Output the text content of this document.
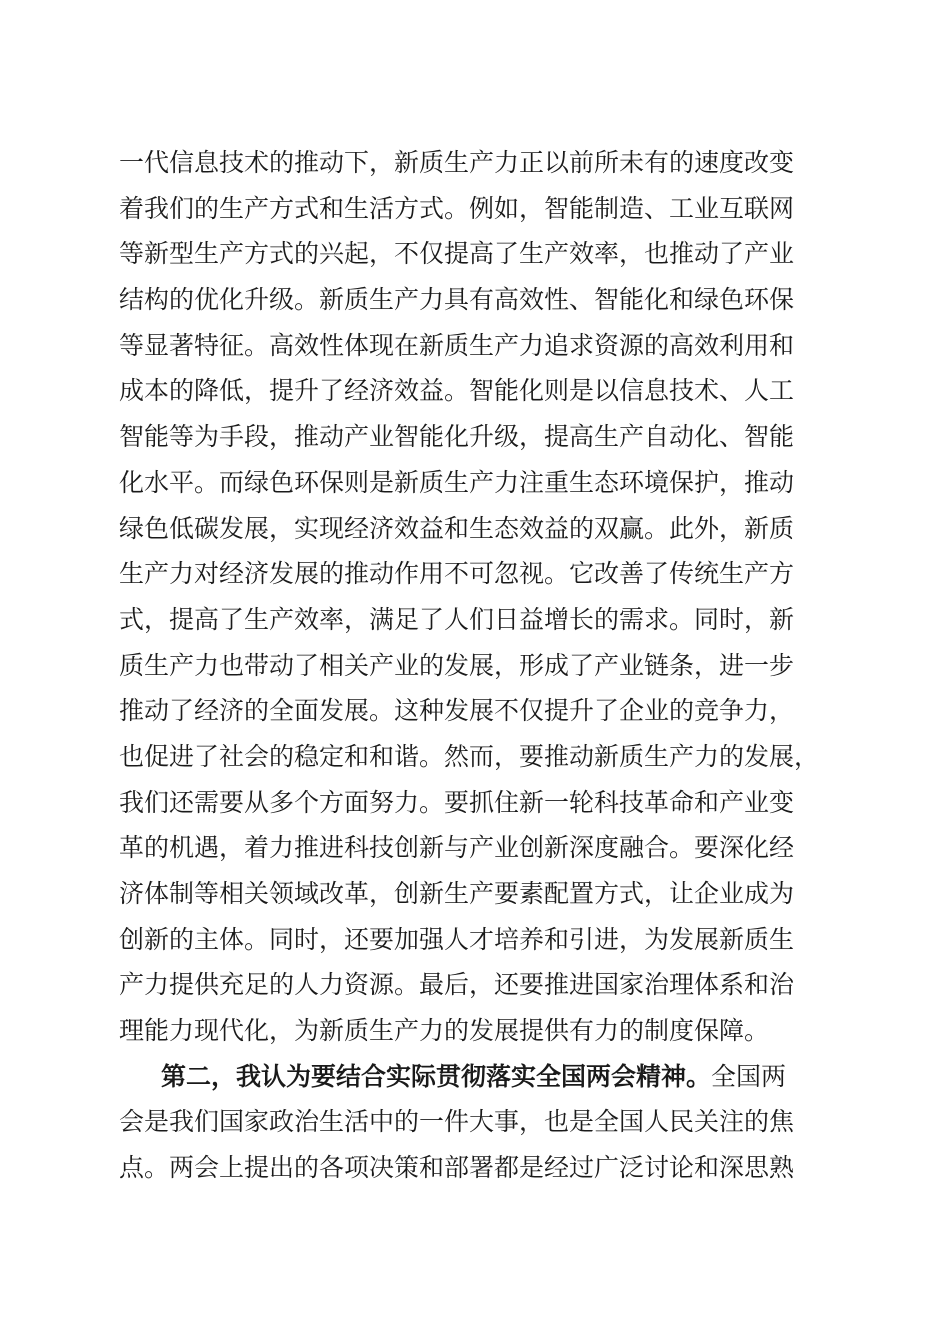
一代信息技术的推动下，新质生产力正以前所未有的速度改变
着我们的生产方式和生活方式。例如，智能制造、工业互联网
等新型生产方式的兴起，不仅提高了生产效率，也推动了产业
结构的优化升级。新质生产力具有高效性、智能化和绿色环保
等显著特征。高效性体现在新质生产力追求资源的高效利用和
成本的降低，提升了经济效益。智能化则是以信息技术、人工
智能等为手段，推动产业智能化升级，提高生产自动化、智能
化水平。而绿色环保则是新质生产力注重生态环境保护，推动
绿色低碳发展，实现经济效益和生态效益的双赢。此外，新质
生产力对经济发展的推动作用不可忽视。它改善了传统生产方
式，提高了生产效率，满足了人们日益增长的需求。同时，新
质生产力也带动了相关产业的发展，形成了产业链条，进一步
推动了经济的全面发展。这种发展不仅提升了企业的竞争力，
也促进了社会的稳定和和谐。然而，要推动新质生产力的发展，
我们还需要从多个方面努力。要抓住新一轮科技革命和产业变
革的机遇，着力推进科技创新与产业创新深度融合。要深化经
济体制等相关领域改革，创新生产要素配置方式，让企业成为
创新的主体。同时，还要加强人才培养和引进，为发展新质生
产力提供充足的人力资源。最后，还要推进国家治理体系和治
理能力现代化，为新质生产力的发展提供有力的制度保障。
第二，我认为要结合实际贯彻落实全国两会精神。全国两
会是我们国家政治生活中的一件大事，也是全国人民关注的焦
点。两会上提出的各项决策和部署都是经过广泛讨论和深思熟
